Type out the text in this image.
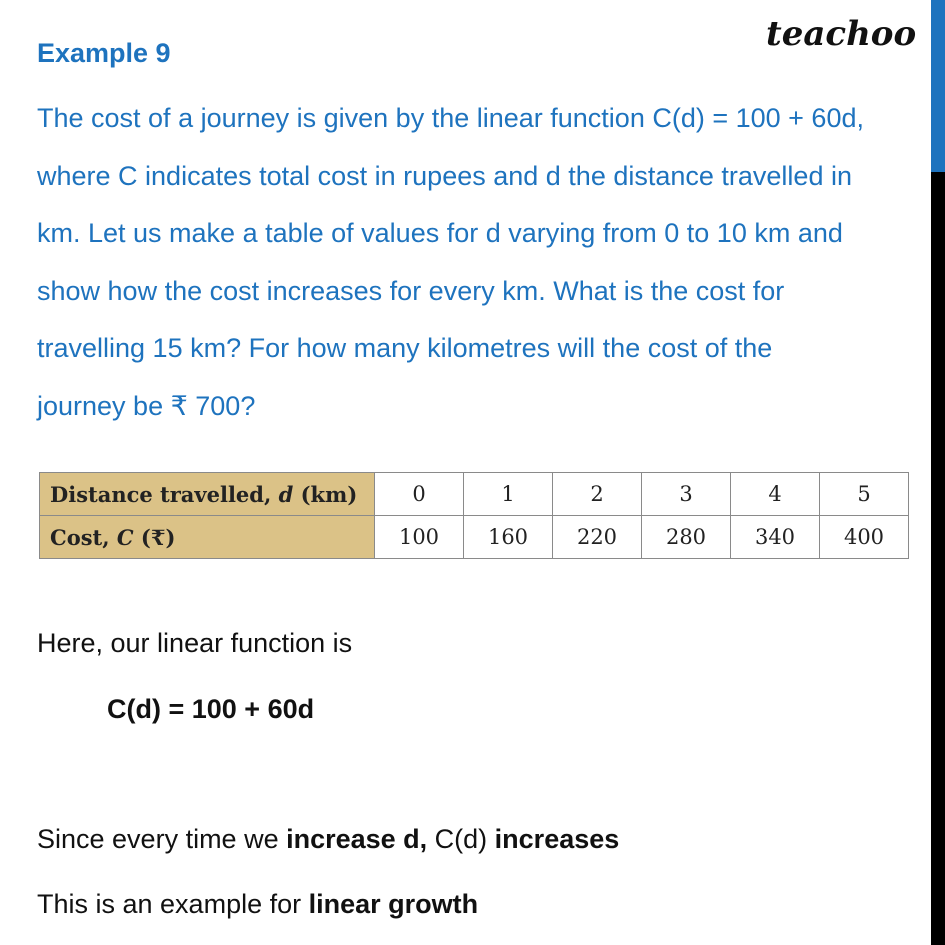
teachoo
Example 9
The cost of a journey is given by the linear function C(d) = 100 + 60d,
where C indicates total cost in rupees and d the distance travelled in
km. Let us make a table of values for d varying from 0 to 10 km and
show how the cost increases for every km. What is the cost for
travelling 15 km? For how many kilometres will the cost of the
journey be ₹ 700?
Distance travelled, d (km)	0	1	2	3	4	5
Cost, C (₹)	100	160	220	280	340	400
Here, our linear function is
C(d) = 100 + 60d
Since every time we increase d, C(d) increases
This is an example for linear growth
